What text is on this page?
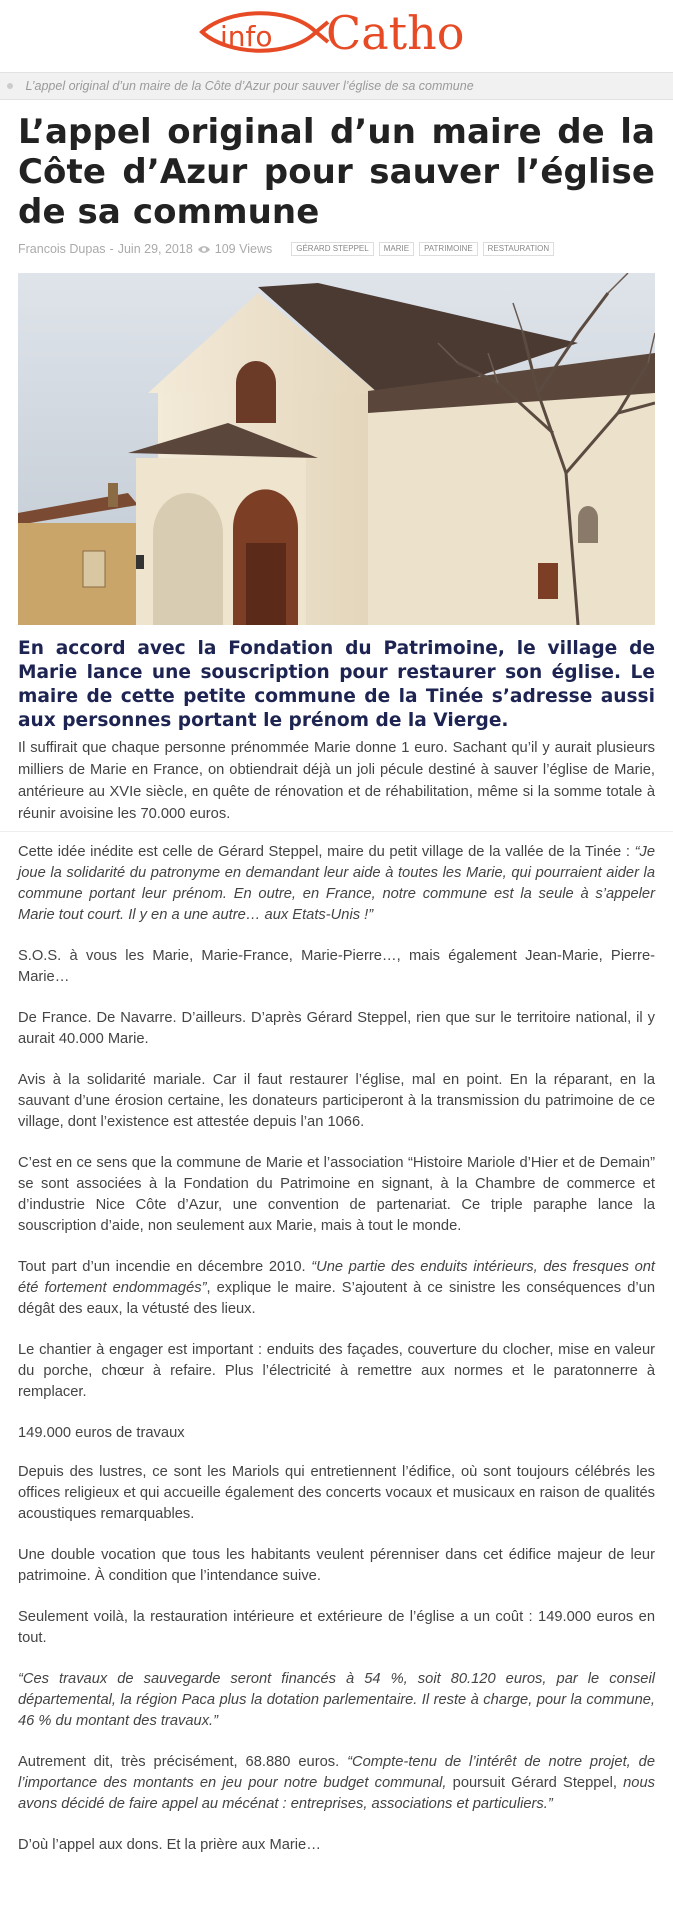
info Catho
L’appel original d’un maire de la Côte d’Azur pour sauver l’église de sa commune
L’appel original d’un maire de la Côte d’Azur pour sauver l’église de sa commune
Francois Dupas - Juin 29, 2018 109
Views	GÉRARD STEPPEL	MARIE	PATRIMOINE	RESTAURATION
En accord avec la Fondation du Patrimoine, le village de Marie lance une souscription pour restaurer son église. Le maire de cette petite commune de la Tinée s’adresse aussi aux personnes portant le prénom de la Vierge.

Il suffirait que chaque personne prénommée Marie donne 1 euro. Sachant qu’il y aurait plusieurs milliers de Marie en France, on obtiendrait déjà un joli pécule destiné à sauver l’église de Marie, antérieure au XVIe siècle, en quête de rénovation et de réhabilitation, même si la somme totale à réunir avoisine les 70.000 euros.

Cette idée inédite est celle de Gérard Steppel, maire du petit village de la vallée de la Tinée : “Je joue la solidarité du patronyme en demandant leur aide à toutes les Marie, qui pourraient aider la commune portant leur prénom. En outre, en France, notre commune est la seule à s’appeler Marie tout court. Il y en a une autre… aux Etats-Unis !”

S.O.S. à vous les Marie, Marie-France, Marie-Pierre…, mais également Jean-Marie, Pierre-Marie…

De France. De Navarre. D’ailleurs. D’après Gérard Steppel, rien que sur le territoire national, il y aurait 40.000 Marie.

Avis à la solidarité mariale. Car il faut restaurer l’église, mal en point. En la réparant, en la sauvant d’une érosion certaine, les donateurs participeront à la transmission du patrimoine de ce village, dont l’existence est attestée depuis l’an 1066.

C’est en ce sens que la commune de Marie et l’association “Histoire Mariole d’Hier et de Demain” se sont associées à la Fondation du Patrimoine en signant, à la Chambre de commerce et d’industrie Nice Côte d’Azur, une convention de partenariat. Ce triple paraphe lance la souscription d’aide, non seulement aux Marie, mais à tout le monde.

Tout part d’un incendie en décembre 2010. “Une partie des enduits intérieurs, des fresques ont été fortement endommagés”, explique le maire. S’ajoutent à ce sinistre les conséquences d’un dégât des eaux, la vétusté des lieux.

Le chantier à engager est important : enduits des façades, couverture du clocher, mise en valeur du porche, chœur à refaire. Plus l’électricité à remettre aux normes et le paratonnerre à remplacer.

149.000 euros de travaux

Depuis des lustres, ce sont les Mariols qui entretiennent l’édifice, où sont toujours célébrés les offices religieux et qui accueille également des concerts vocaux et musicaux en raison de qualités acoustiques remarquables.

Une double vocation que tous les habitants veulent pérenniser dans cet édifice majeur de leur patrimoine. À condition que l’intendance suive.

Seulement voilà, la restauration intérieure et extérieure de l’église a un coût : 149.000 euros en tout.

“Ces travaux de sauvegarde seront financés à 54 %, soit 80.120 euros, par le conseil départemental, la région Paca plus la dotation parlementaire. Il reste à charge, pour la commune, 46 % du montant des travaux.”

Autrement dit, très précisément, 68.880 euros. “Compte-tenu de l’intérêt de notre projet, de l’importance des montants en jeu pour notre budget communal, poursuit Gérard Steppel, nous avons décidé de faire appel au mécénat : entreprises, associations et particuliers.”

D’où l’appel aux dons. Et la prière aux Marie…
